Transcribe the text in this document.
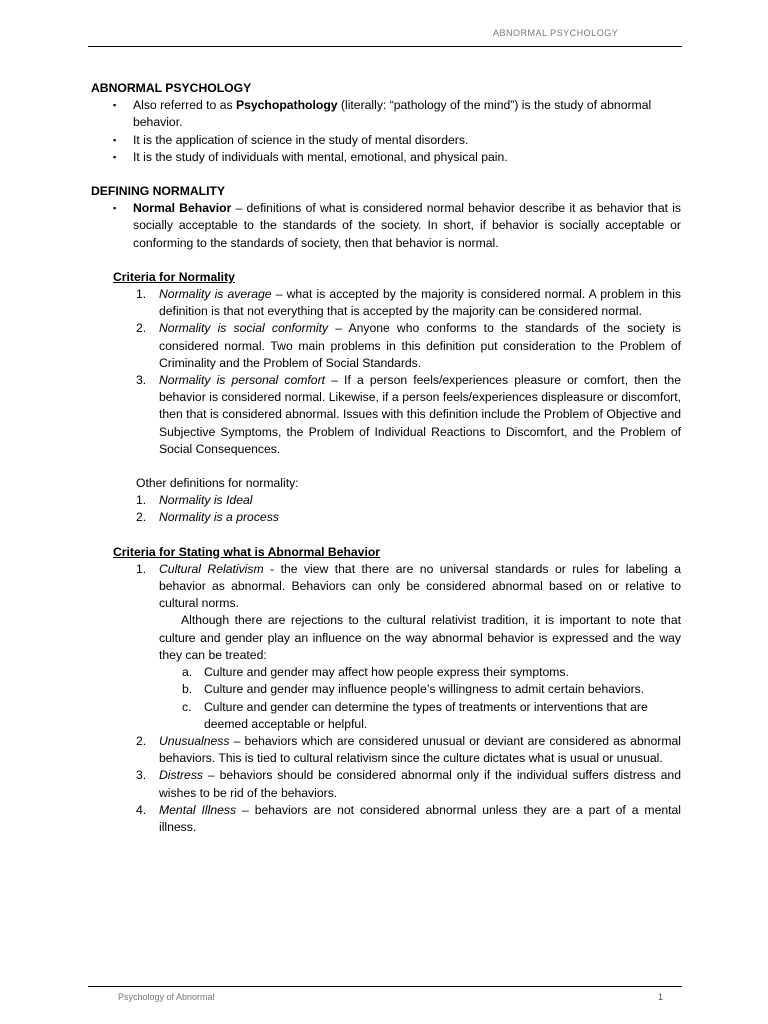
ABNORMAL PSYCHOLOGY

ABNORMAL PSYCHOLOGY

▪ Also referred to as Psychopathology (literally: “pathology of the mind”) is the study of abnormal behavior.

▪ It is the application of science in the study of mental disorders.

▪ It is the study of individuals with mental, emotional, and physical pain.

DEFINING NORMALITY

▪ Normal Behavior – definitions of what is considered normal behavior describe it as behavior that is socially acceptable to the standards of the society. In short, if behavior is socially acceptable or conforming to the standards of society, then that behavior is normal.

Criteria for Normality

1. Normality is average – what is accepted by the majority is considered normal. A problem in this definition is that not everything that is accepted by the majority can be considered normal.

2. Normality is social conformity – Anyone who conforms to the standards of the society is considered normal. Two main problems in this definition put consideration to the Problem of Criminality and the Problem of Social Standards.

3. Normality is personal comfort – If a person feels/experiences pleasure or comfort, then the behavior is considered normal. Likewise, if a person feels/experiences displeasure or discomfort, then that is considered abnormal. Issues with this definition include the Problem of Objective and Subjective Symptoms, the Problem of Individual Reactions to Discomfort, and the Problem of Social Consequences.

Other definitions for normality:

1. Normality is Ideal

2. Normality is a process

Criteria for Stating what is Abnormal Behavior

1. Cultural Relativism - the view that there are no universal standards or rules for labeling a behavior as abnormal. Behaviors can only be considered abnormal based on or relative to cultural norms.

Although there are rejections to the cultural relativist tradition, it is important to note that culture and gender play an influence on the way abnormal behavior is expressed and the way they can be treated:

a. Culture and gender may affect how people express their symptoms.

b. Culture and gender may influence people’s willingness to admit certain behaviors.

c. Culture and gender can determine the types of treatments or interventions that are deemed acceptable or helpful.

2. Unusualness – behaviors which are considered unusual or deviant are considered as abnormal behaviors. This is tied to cultural relativism since the culture dictates what is usual or unusual.

3. Distress – behaviors should be considered abnormal only if the individual suffers distress and wishes to be rid of the behaviors.

4. Mental Illness – behaviors are not considered abnormal unless they are a part of a mental illness.

Psychology of Abnormal	1
